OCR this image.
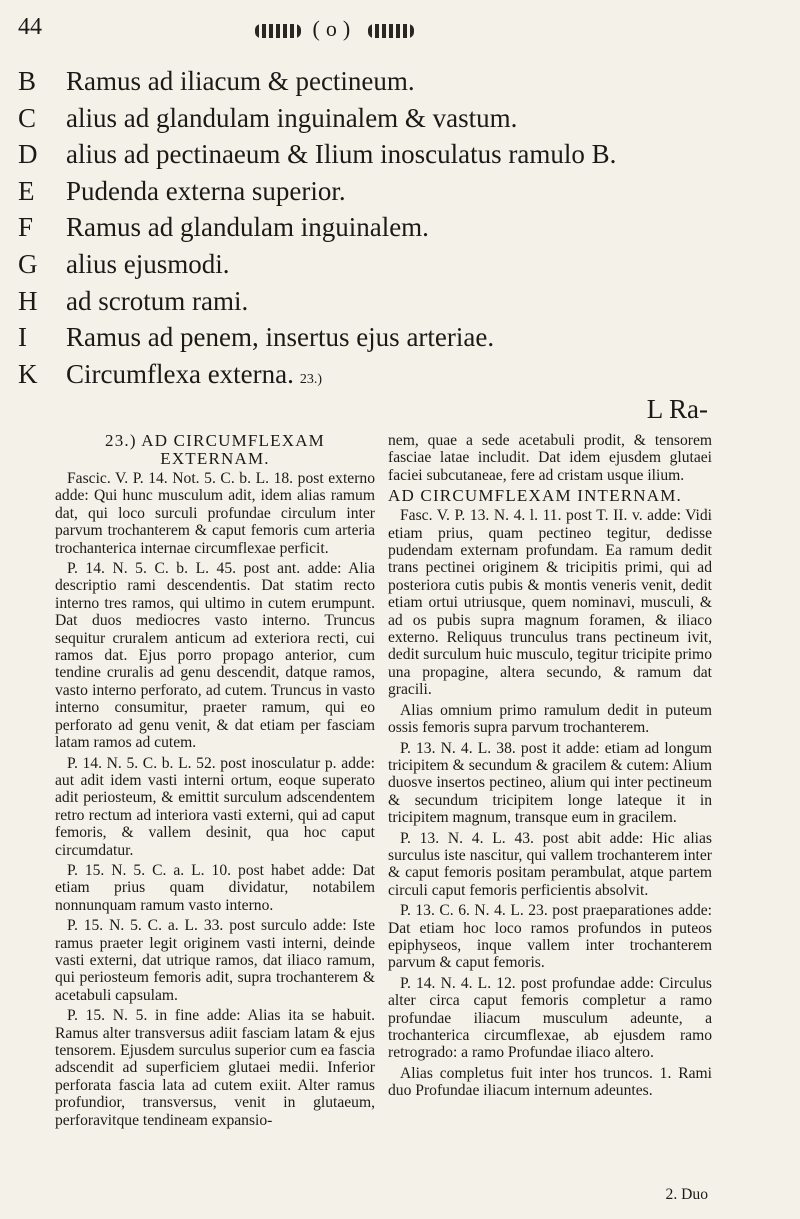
44	(o)
B	Ramus ad iliacum & pectineum.
C	alius ad glandulam inguinalem & vastum.
D	alius ad pectinaeum & Ilium inosculatus ramulo B.
E	Pudenda externa superior.
F	Ramus ad glandulam inguinalem.
G	alius ejusmodi.
H	ad scrotum rami.
I	Ramus ad penem, insertus ejus arteriae.
K	Circumflexa externa. 23.)
L Ra-
23.) AD CIRCUMFLEXAM EXTERNAM.

Fascic. V. P. 14. Not. 5. C. b. L. 18. post externo adde: Qui hunc musculum adit, idem alias ramum dat, qui loco surculi profundae circulum inter parvum trochanterem & caput femoris cum arteria trochanterica internae circumflexae perficit.

P. 14. N. 5. C. b. L. 45. post ant. adde: Alia descriptio rami descendentis. Dat statim recto interno tres ramos, qui ultimo in cutem erumpunt. Dat duos mediocres vasto interno. Truncus sequitur cruralem anticum ad exteriora recti, cui ramos dat. Ejus porro propago anterior, cum tendine cruralis ad genu descendit, datque ramos, vasto interno perforato, ad cutem. Truncus in vasto interno consumitur, praeter ramum, qui eo perforato ad genu venit, & dat etiam per fasciam latam ramos ad cutem.

P. 14. N. 5. C. b. L. 52. post inosculatur p. adde: aut adit idem vasti interni ortum, eoque superato adit periosteum, & emittit surculum adscendentem retro rectum ad interiora vasti externi, qui ad caput femoris, & vallem desinit, qua hoc caput circumdatur.

P. 15. N. 5. C. a. L. 10. post habet adde: Dat etiam prius quam dividatur, notabilem nonnunquam ramum vasto interno.

P. 15. N. 5. C. a. L. 33. post surculo adde: Iste ramus praeter legit originem vasti interni, deinde vasti externi, dat utrique ramos, dat iliaco ramum, qui periosteum femoris adit, supra trochanterem & acetabuli capsulam.

P. 15. N. 5. in fine adde: Alias ita se habuit. Ramus alter transversus adiit fasciam latam & ejus tensorem. Ejusdem surculus superior cum ea fascia adscendit ad superficiem glutaei medii. Inferior perforata fascia lata ad cutem exiit. Alter ramus profundior, transversus, venit in glutaeum, perforavitque tendineam expansio-

nem, quae a sede acetabuli prodit, & tensorem fasciae latae includit. Dat idem ejusdem glutaei faciei subcutaneae, fere ad cristam usque ilium.

AD CIRCUMFLEXAM INTERNAM.

Fasc. V. P. 13. N. 4. l. 11. post T. II. v. adde: Vidi etiam prius, quam pectineo tegitur, dedisse pudendam externam profundam. Ea ramum dedit trans pectinei originem & tricipitis primi, qui ad posteriora cutis pubis & montis veneris venit, dedit etiam ortui utriusque, quem nominavi, musculi, & ad os pubis supra magnum foramen, & iliaco externo. Reliquus trunculus trans pectineum ivit, dedit surculum huic musculo, tegitur tricipite primo una propagine, altera secundo, & ramum dat gracili.

Alias omnium primo ramulum dedit in puteum ossis femoris supra parvum trochanterem.

P. 13. N. 4. L. 38. post it adde: etiam ad longum tricipitem & secundum & gracilem & cutem: Alium duosve insertos pectineo, alium qui inter pectineum & secundum tricipitem longe lateque it in tricipitem magnum, transque eum in gracilem.

P. 13. N. 4. L. 43. post abit adde: Hic alias surculus iste nascitur, qui vallem trochanterem inter & caput femoris positam perambulat, atque partem circuli caput femoris perficientis absolvit.

P. 13. C. 6. N. 4. L. 23. post praeparationes adde: Dat etiam hoc loco ramos profundos in puteos epiphyseos, inque vallem inter trochanterem parvum & caput femoris.

P. 14. N. 4. L. 12. post profundae adde: Circulus alter circa caput femoris completur a ramo profundae iliacum musculum adeunte, a trochanterica circumflexae, ab ejusdem ramo retrogrado: a ramo Profundae iliaco altero.

Alias completus fuit inter hos truncos. 1. Rami duo Profundae iliacum internum adeuntes.

2. Duo
